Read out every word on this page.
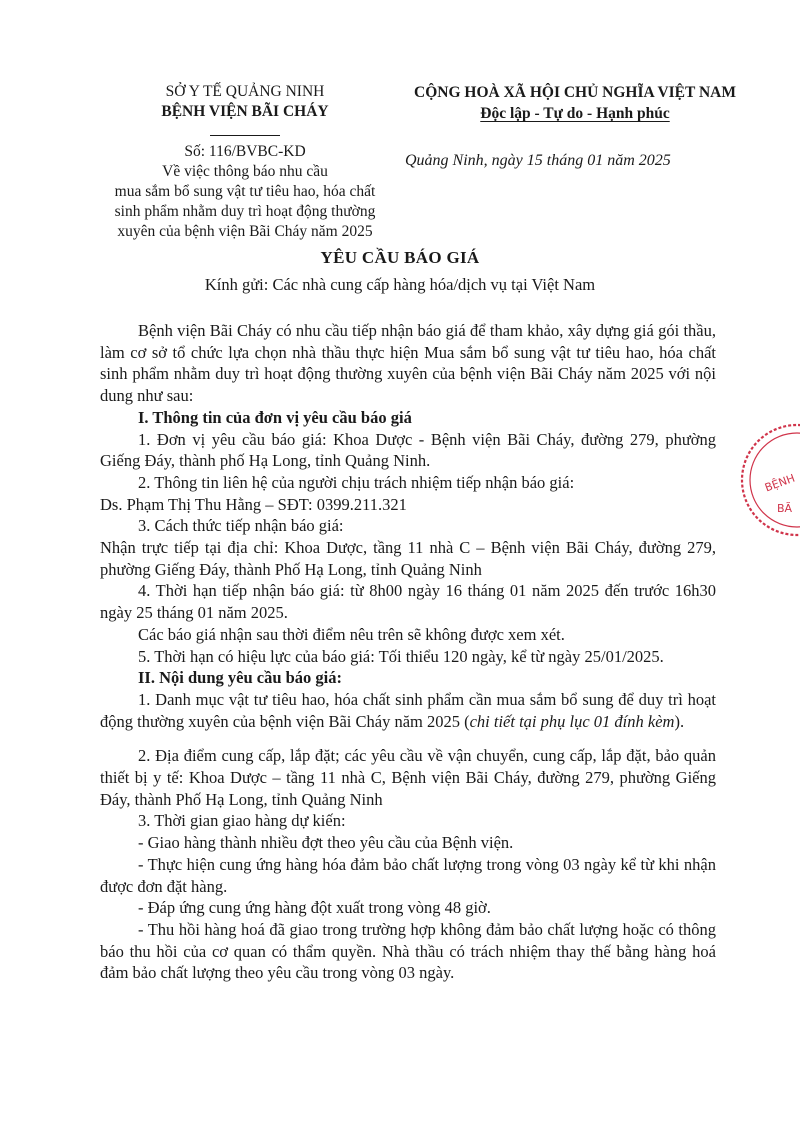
SỞ Y TẾ QUẢNG NINH
BỆNH VIỆN BÃI CHÁY
Số: 116/BVBC-KD
Về việc thông báo nhu cầu
mua sắm bổ sung vật tư tiêu hao, hóa chất
sinh phẩm nhằm duy trì hoạt động thường
xuyên của bệnh viện Bãi Cháy năm 2025
CỘNG HOÀ XÃ HỘI CHỦ NGHĨA VIỆT NAM
Độc lập - Tự do - Hạnh phúc
Quảng Ninh, ngày 15 tháng 01 năm 2025
YÊU CẦU BÁO GIÁ
Kính gửi: Các nhà cung cấp hàng hóa/dịch vụ tại Việt Nam

Bệnh viện Bãi Cháy có nhu cầu tiếp nhận báo giá để tham khảo, xây dựng giá gói thầu, làm cơ sở tổ chức lựa chọn nhà thầu thực hiện Mua sắm bổ sung vật tư tiêu hao, hóa chất sinh phẩm nhằm duy trì hoạt động thường xuyên của bệnh viện Bãi Cháy năm 2025 với nội dung như sau:

I. Thông tin của đơn vị yêu cầu báo giá

1. Đơn vị yêu cầu báo giá: Khoa Dược - Bệnh viện Bãi Cháy, đường 279, phường Giếng Đáy, thành phố Hạ Long, tỉnh Quảng Ninh.

2. Thông tin liên hệ của người chịu trách nhiệm tiếp nhận báo giá:

Ds. Phạm Thị Thu Hằng – SĐT: 0399.211.321

3. Cách thức tiếp nhận báo giá:

Nhận trực tiếp tại địa chỉ: Khoa Dược, tầng 11 nhà C – Bệnh viện Bãi Cháy, đường 279, phường Giếng Đáy, thành Phố Hạ Long, tỉnh Quảng Ninh

4. Thời hạn tiếp nhận báo giá: từ 8h00 ngày 16 tháng 01 năm 2025 đến trước 16h30 ngày 25 tháng 01 năm 2025.

Các báo giá nhận sau thời điểm nêu trên sẽ không được xem xét.

5. Thời hạn có hiệu lực của báo giá: Tối thiểu 120 ngày, kể từ ngày 25/01/2025.

II. Nội dung yêu cầu báo giá:

1. Danh mục vật tư tiêu hao, hóa chất sinh phẩm cần mua sắm bổ sung để duy trì hoạt động thường xuyên của bệnh viện Bãi Cháy năm 2025 (chi tiết tại phụ lục 01 đính kèm).

2. Địa điểm cung cấp, lắp đặt; các yêu cầu về vận chuyển, cung cấp, lắp đặt, bảo quản thiết bị y tế: Khoa Dược – tầng 11 nhà C, Bệnh viện Bãi Cháy, đường 279, phường Giếng Đáy, thành Phố Hạ Long, tỉnh Quảng Ninh

3. Thời gian giao hàng dự kiến:

- Giao hàng thành nhiều đợt theo yêu cầu của Bệnh viện.

- Thực hiện cung ứng hàng hóa đảm bảo chất lượng trong vòng 03 ngày kể từ khi nhận được đơn đặt hàng.

- Đáp ứng cung ứng hàng đột xuất trong vòng 48 giờ.

- Thu hồi hàng hoá đã giao trong trường hợp không đảm bảo chất lượng hoặc có thông báo thu hồi của cơ quan có thẩm quyền. Nhà thầu có trách nhiệm thay thế bằng hàng hoá đảm bảo chất lượng theo yêu cầu trong vòng 03 ngày.

BỆNH
BÃ
